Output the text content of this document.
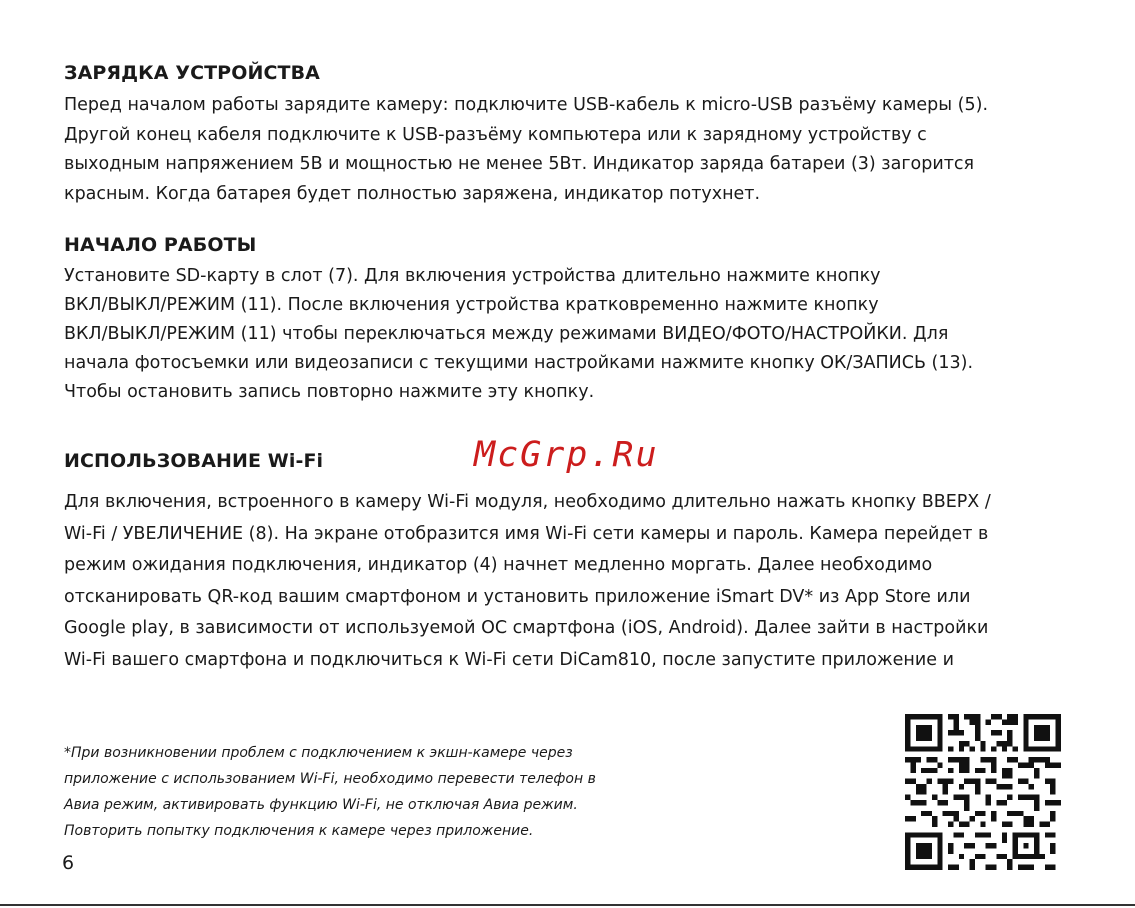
ЗАРЯДКА УСТРОЙСТВА

Перед началом работы зарядите камеру: подключите USB-кабель к micro-USB разъёму камеры (5).
Другой конец кабеля подключите к USB-разъёму компьютера или к зарядному устройству с
выходным напряжением 5В и мощностью не менее 5Вт. Индикатор заряда батареи (3) загорится
красным. Когда батарея будет полностью заряжена, индикатор потухнет.

НАЧАЛО РАБОТЫ

Установите SD-карту в слот (7). Для включения устройства длительно нажмите кнопку
ВКЛ/ВЫКЛ/РЕЖИМ (11). После включения устройства кратковременно нажмите кнопку
ВКЛ/ВЫКЛ/РЕЖИМ (11) чтобы переключаться между режимами ВИДЕО/ФОТО/НАСТРОЙКИ. Для
начала фотосъемки или видеозаписи с текущими настройками нажмите кнопку ОК/ЗАПИСЬ (13).
Чтобы остановить запись повторно нажмите эту кнопку.

ИСПОЛЬЗОВАНИЕ Wi-Fi	McGrp.Ru

Для включения, встроенного в камеру Wi-Fi модуля, необходимо длительно нажать кнопку ВВЕРХ /
Wi-Fi / УВЕЛИЧЕНИЕ (8). На экране отобразится имя Wi-Fi сети камеры и пароль. Камера перейдет в
режим ожидания подключения, индикатор (4) начнет медленно моргать. Далее необходимо
отсканировать QR-код вашим смартфоном и установить приложение iSmart DV* из App Store или
Google play, в зависимости от используемой ОС смартфона (iOS, Android). Далее зайти в настройки
Wi-Fi вашего смартфона и подключиться к Wi-Fi сети DiCam810, после запустите приложение и

*При возникновении проблем с подключением к экшн-камере через
приложение с использованием Wi-Fi, необходимо перевести телефон в
Авиа режим, активировать функцию Wi-Fi, не отключая Авиа режим.
Повторить попытку подключения к камере через приложение.

6
